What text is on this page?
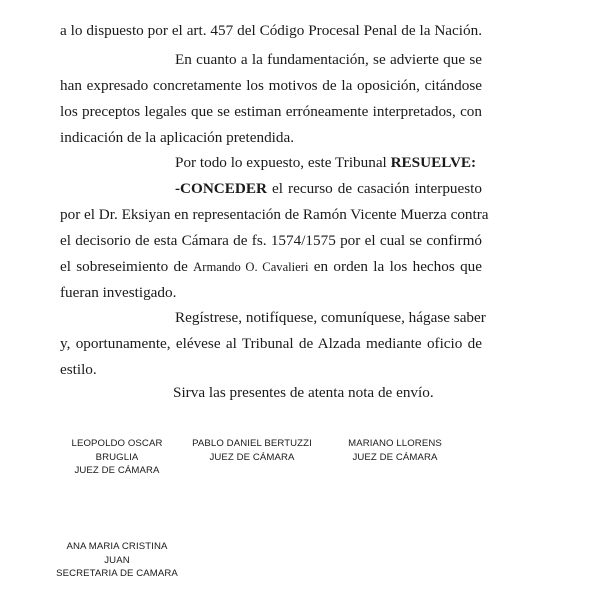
a lo dispuesto por el art. 457 del Código Procesal Penal de la Nación.
En cuanto a la fundamentación, se advierte que se
han expresado concretamente los motivos de la oposición, citándose
los preceptos legales que se estiman erróneamente interpretados, con
indicación de la aplicación pretendida.
Por todo lo expuesto, este Tribunal RESUELVE:
-CONCEDER el recurso de casación interpuesto
por el Dr. Eksiyan en representación de Ramón Vicente Muerza contra
el decisorio de esta Cámara de fs. 1574/1575 por el cual se confirmó
el sobreseimiento de Armando O. Cavalieri en orden la los hechos que
fueran investigado.
Regístrese, notifíquese, comuníquese, hágase saber
y, oportunamente, elévese al Tribunal de Alzada mediante oficio de
estilo.
Sirva las presentes de atenta nota de envío.
LEOPOLDO OSCAR
BRUGLIA
JUEZ DE CÁMARA
PABLO DANIEL BERTUZZI
JUEZ DE CÁMARA
MARIANO LLORENS
JUEZ DE CÁMARA
ANA MARIA CRISTINA
JUAN
SECRETARIA DE CAMARA
